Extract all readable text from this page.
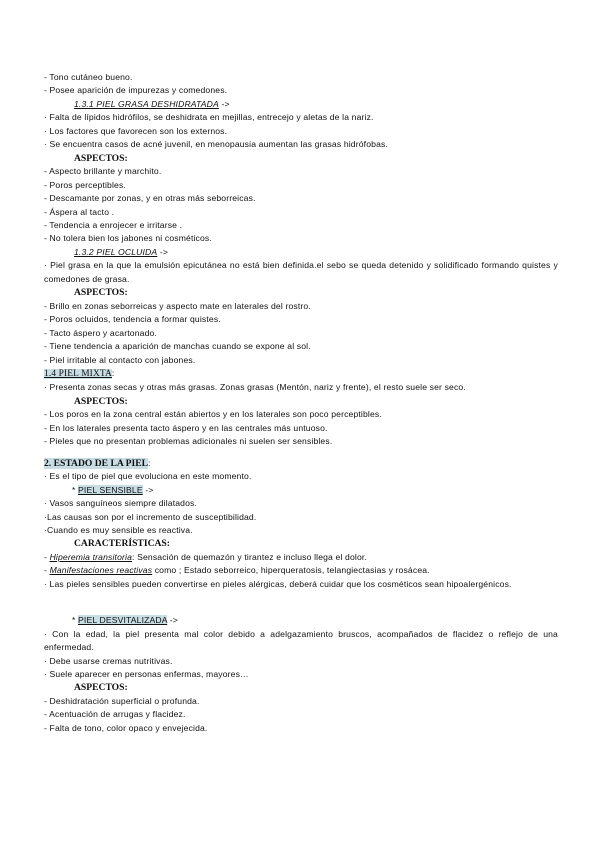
- Tono cutáneo bueno.
- Posee aparición de impurezas y comedones.
1.3.1 PIEL GRASA DESHIDRATADA ->
· Falta de lípidos hidrófilos, se deshidrata en mejillas, entrecejo y aletas de la nariz.
· Los factores que favorecen son los externos.
· Se encuentra casos de acné juvenil, en menopausia aumentan las grasas hidrófobas.
ASPECTOS:
- Aspecto brillante y marchito.
- Poros perceptibles.
- Descamante por zonas, y en otras más seborreicas.
- Áspera al tacto .
- Tendencia a enrojecer e irritarse .
- No tolera bien los jabones ni cosméticos.
1.3.2 PIEL OCLUIDA ->
· Piel grasa en la que la emulsión epicutánea no está bien definida.el sebo se queda detenido y solidificado formando quistes y comedones de grasa.
ASPECTOS:
- Brillo en zonas seborreicas y aspecto mate en laterales del rostro.
- Poros ocluidos, tendencia a formar quistes.
- Tacto áspero y acartonado.
- Tiene tendencia a aparición de manchas cuando se expone al sol.
- Piel irritable al contacto con jabones.
1.4 PIEL MIXTA:
· Presenta zonas secas y otras más grasas. Zonas grasas (Mentón, nariz y frente), el resto suele ser seco.
ASPECTOS:
- Los poros en la zona central están abiertos y en los laterales son poco perceptibles.
- En los laterales presenta tacto áspero y en las centrales más untuoso.
- Pieles que no presentan problemas adicionales ni suelen ser sensibles.
2. ESTADO DE LA PIEL:
· Es el tipo de piel que evoluciona en este momento.
* PIEL SENSIBLE ->
· Vasos sanguíneos siempre dilatados.
·Las causas son por el incremento de susceptibilidad.
·Cuando es muy sensible es reactiva.
CARACTERÍSTICAS:
- Hiperemia transitoria: Sensación de quemazón y tirantez e incluso llega el dolor.
- Manifestaciones reactivas como ; Estado seborreico, hiperqueratosis, telangiectasias y rosácea.
· Las pieles sensibles pueden convertirse en pieles alérgicas, deberá cuidar que los cosméticos sean hipoalergénicos.
* PIEL DESVITALIZADA ->
· Con la edad, la piel presenta mal color debido a adelgazamiento bruscos, acompañados de flacidez o reflejo de una enfermedad.
· Debe usarse cremas nutritivas.
· Suele aparecer en personas enfermas, mayores…
ASPECTOS:
- Deshidratación superficial o profunda.
- Acentuación de arrugas y flacidez.
- Falta de tono, color opaco y envejecida.
